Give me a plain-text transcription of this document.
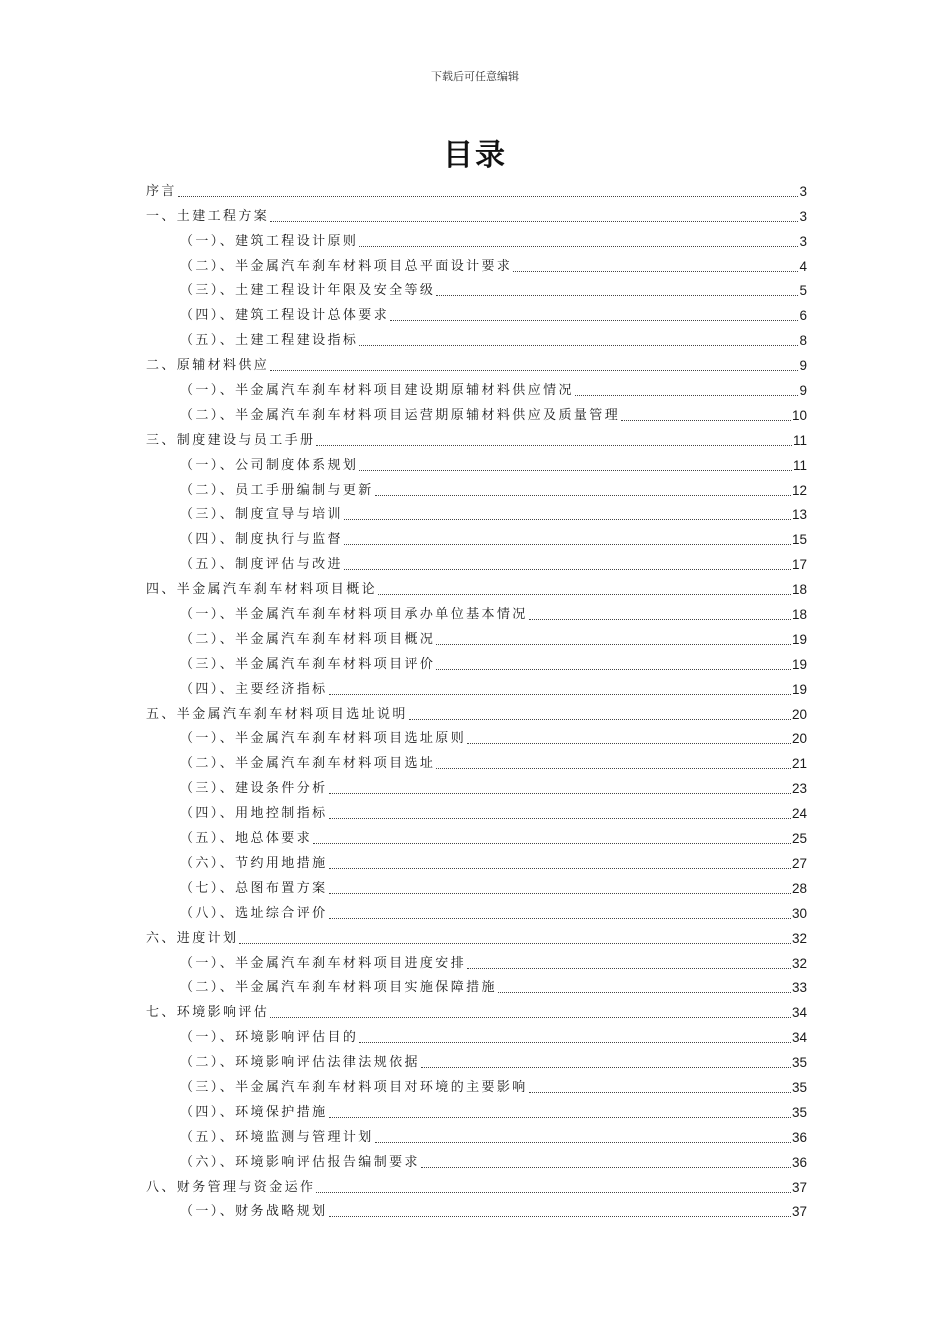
下载后可任意编辑
目录
序言	3
一、土建工程方案	3
（一）、建筑工程设计原则	3
（二）、半金属汽车刹车材料项目总平面设计要求	4
（三）、土建工程设计年限及安全等级	5
（四）、建筑工程设计总体要求	6
（五）、土建工程建设指标	8
二、原辅材料供应	9
（一）、半金属汽车刹车材料项目建设期原辅材料供应情况	9
（二）、半金属汽车刹车材料项目运营期原辅材料供应及质量管理	10
三、制度建设与员工手册	11
（一）、公司制度体系规划	11
（二）、员工手册编制与更新	12
（三）、制度宣导与培训	13
（四）、制度执行与监督	15
（五）、制度评估与改进	17
四、半金属汽车刹车材料项目概论	18
（一）、半金属汽车刹车材料项目承办单位基本情况	18
（二）、半金属汽车刹车材料项目概况	19
（三）、半金属汽车刹车材料项目评价	19
（四）、主要经济指标	19
五、半金属汽车刹车材料项目选址说明	20
（一）、半金属汽车刹车材料项目选址原则	20
（二）、半金属汽车刹车材料项目选址	21
（三）、建设条件分析	23
（四）、用地控制指标	24
（五）、地总体要求	25
（六）、节约用地措施	27
（七）、总图布置方案	28
（八）、选址综合评价	30
六、进度计划	32
（一）、半金属汽车刹车材料项目进度安排	32
（二）、半金属汽车刹车材料项目实施保障措施	33
七、环境影响评估	34
（一）、环境影响评估目的	34
（二）、环境影响评估法律法规依据	35
（三）、半金属汽车刹车材料项目对环境的主要影响	35
（四）、环境保护措施	35
（五）、环境监测与管理计划	36
（六）、环境影响评估报告编制要求	36
八、财务管理与资金运作	37
（一）、财务战略规划	37
